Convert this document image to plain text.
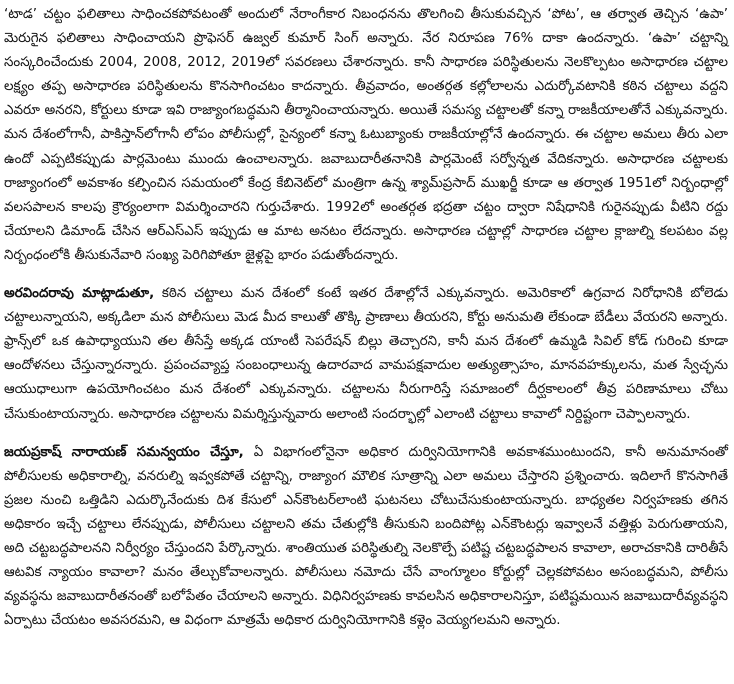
‘టాడ’ చట్టం ఫలితాలు సాధించకపోవటంతో అందులో నేరాంగీకార నిబంధనను తొలగించి తీసుకువచ్చిన ‘పోట’, ఆ తర్వాత తెచ్చిన ‘ఉపా’ మెరుగైన ఫలితాలు సాధించాయని ప్రొఫెసర్ ఉజ్వల్ కుమార్ సింగ్ అన్నారు. నేర నిరూపణ 76% దాకా ఉందన్నారు. ‘ఉపా’ చట్టాన్ని సంస్కరించేందుకు 2004, 2008, 2012, 2019లో సవరణలు చేశారన్నారు. కానీ సాధారణ పరిస్థితులను నెలకొల్పటం అసాధారణ చట్టాల లక్ష్యం తప్ప అసాధారణ పరిస్థితులను కొనసాగించటం కాదన్నారు. తీవ్రవాదం, అంతర్గత కల్లోలాలను ఎదుర్కోవటానికి కఠిన చట్టాలు వద్దని ఎవరూ అనరని, కోర్టులు కూడా ఇవి రాజ్యాంగబద్ధమని తీర్మానించాయన్నారు. అయితే సమస్య చట్టాలతో కన్నా రాజకీయాలతోనే ఎక్కువన్నారు. మన దేశంలోగానీ, పాకిస్తాన్‌లోగానీ లోపం పోలీసుల్లో, సైన్యంలో కన్నా ఓటుబ్యాంకు రాజకీయాల్లోనే ఉందన్నారు. ఈ చట్టాల అమలు తీరు ఎలా ఉందో ఎప్పటికప్పుడు పార్లమెంటు ముందు ఉంచాలన్నారు. జవాబుదారీతనానికి పార్లమెంటే సర్వోన్నత వేదికన్నారు. అసాధారణ చట్టాలకు రాజ్యాంగంలో అవకాశం కల్పించిన సమయంలో కేంద్ర కేబినెట్‌లో మంత్రిగా ఉన్న శ్యామ్‌ప్రసాద్ ముఖర్జీ కూడా ఆ తర్వాత 1951లో నిర్బంధాల్లో వలసపాలన కాలపు క్రౌర్యంలాగా విమర్శించారని గుర్తుచేశారు. 1992లో అంతర్గత భద్రతా చట్టం ద్వారా నిషేధానికి గురైనప్పుడు వీటిని రద్దు చేయాలని డిమాండ్ చేసిన ఆర్ఎస్ఎస్ ఇప్పుడు ఆ మాట అనటం లేదన్నారు. అసాధారణ చట్టాల్లో సాధారణ చట్టాల క్లాజుల్ని కలపటం వల్ల నిర్బంధంలోకి తీసుకునేవారి సంఖ్య పెరిగిపోతూ జైళ్లపై భారం పడుతోందన్నారు.

అరవిందరావు మాట్లాడుతూ, కఠిన చట్టాలు మన దేశంలో కంటే ఇతర దేశాల్లోనే ఎక్కువన్నారు. అమెరికాలో ఉగ్రవాద నిరోధానికి బోలెడు చట్టాలున్నాయని, అక్కడిలా మన పోలీసులు మెడ మీద కాలుతో తొక్కి ప్రాణాలు తీయరని, కోర్టు అనుమతి లేకుండా బేడీలు వేయరని అన్నారు. ఫ్రాన్స్‌లో ఒక ఉపాధ్యాయుని తల తీసేస్తే అక్కడ యాంటీ సెపరేషన్ బిల్లు తెచ్చారని, కానీ మన దేశంలో ఉమ్మడి సివిల్ కోడ్ గురించి కూడా ఆందోళనలు చేస్తున్నారన్నారు. ప్రపంచవ్యాప్త సంబంధాలున్న ఉదారవాద వామపక్షవాదుల అత్యుత్సాహం, మానవహక్కులను, మత స్వేచ్ఛను ఆయుధాలుగా ఉపయోగించటం మన దేశంలో ఎక్కువన్నారు. చట్టాలను నీరుగారిస్తే సమాజంలో దీర్ఘకాలంలో తీవ్ర పరిణామాలు చోటు చేసుకుంటాయన్నారు. అసాధారణ చట్టాలను విమర్శిస్తున్నవారు అలాంటి సందర్భాల్లో ఎలాంటి చట్టాలు కావాలో నిర్దిష్టంగా చెప్పాలన్నారు.

జయప్రకాష్ నారాయణ్ సమన్వయం చేస్తూ, ఏ విభాగంలోనైనా అధికార దుర్వినియోగానికి అవకాశముంటుందని, కానీ అనుమానంతో పోలీసులకు అధికారాల్ని, వనరుల్ని ఇవ్వకపోతే చట్టాన్ని, రాజ్యాంగ మౌలిక సూత్రాన్ని ఎలా అమలు చేస్తారని ప్రశ్నించారు. ఇదిలాగే కొనసాగితే ప్రజల నుంచి ఒత్తిడిని ఎదుర్కొనేందుకు దిశ కేసులో ఎన్‌కౌంటర్‌లాంటి ఘటనలు చోటుచేసుకుంటాయన్నారు. బాధ్యతల నిర్వహణకు తగిన అధికారం ఇచ్చే చట్టాలు లేనప్పుడు, పోలీసులు చట్టాలని తమ చేతుల్లోకి తీసుకుని బందిపోట్ల ఎన్‌కౌంటర్లు ఇవ్వాలనే వత్తిళ్లు పెరుగుతాయని, అది చట్టబద్ధపాలనని నిర్వీర్యం చేస్తుందని పేర్కొన్నారు. శాంతియుత పరిస్థితుల్ని నెలకొల్పే పటిష్ట చట్టబద్ధపాలన కావాలా, అరాచకానికి దారితీసే ఆటవిక న్యాయం కావాలా? మనం తేల్చుకోవాలన్నారు. పోలీసులు నమోదు చేసే వాంగ్మూలం కోర్టుల్లో చెల్లకపోవటం అసంబద్ధమని, పోలీసు వ్యవస్థను జవాబుదారీతనంతో బలోపేతం చేయాలని అన్నారు. విధినిర్వహణకు కావలసిన అధికారాలనిస్తూ, పటిష్టమయిన జవాబుదారీవ్యవస్థని ఏర్పాటు చేయటం అవసరమని, ఆ విధంగా మాత్రమే అధికార దుర్వినియోగానికి కళ్లెం వెయ్యగలమని అన్నారు.
